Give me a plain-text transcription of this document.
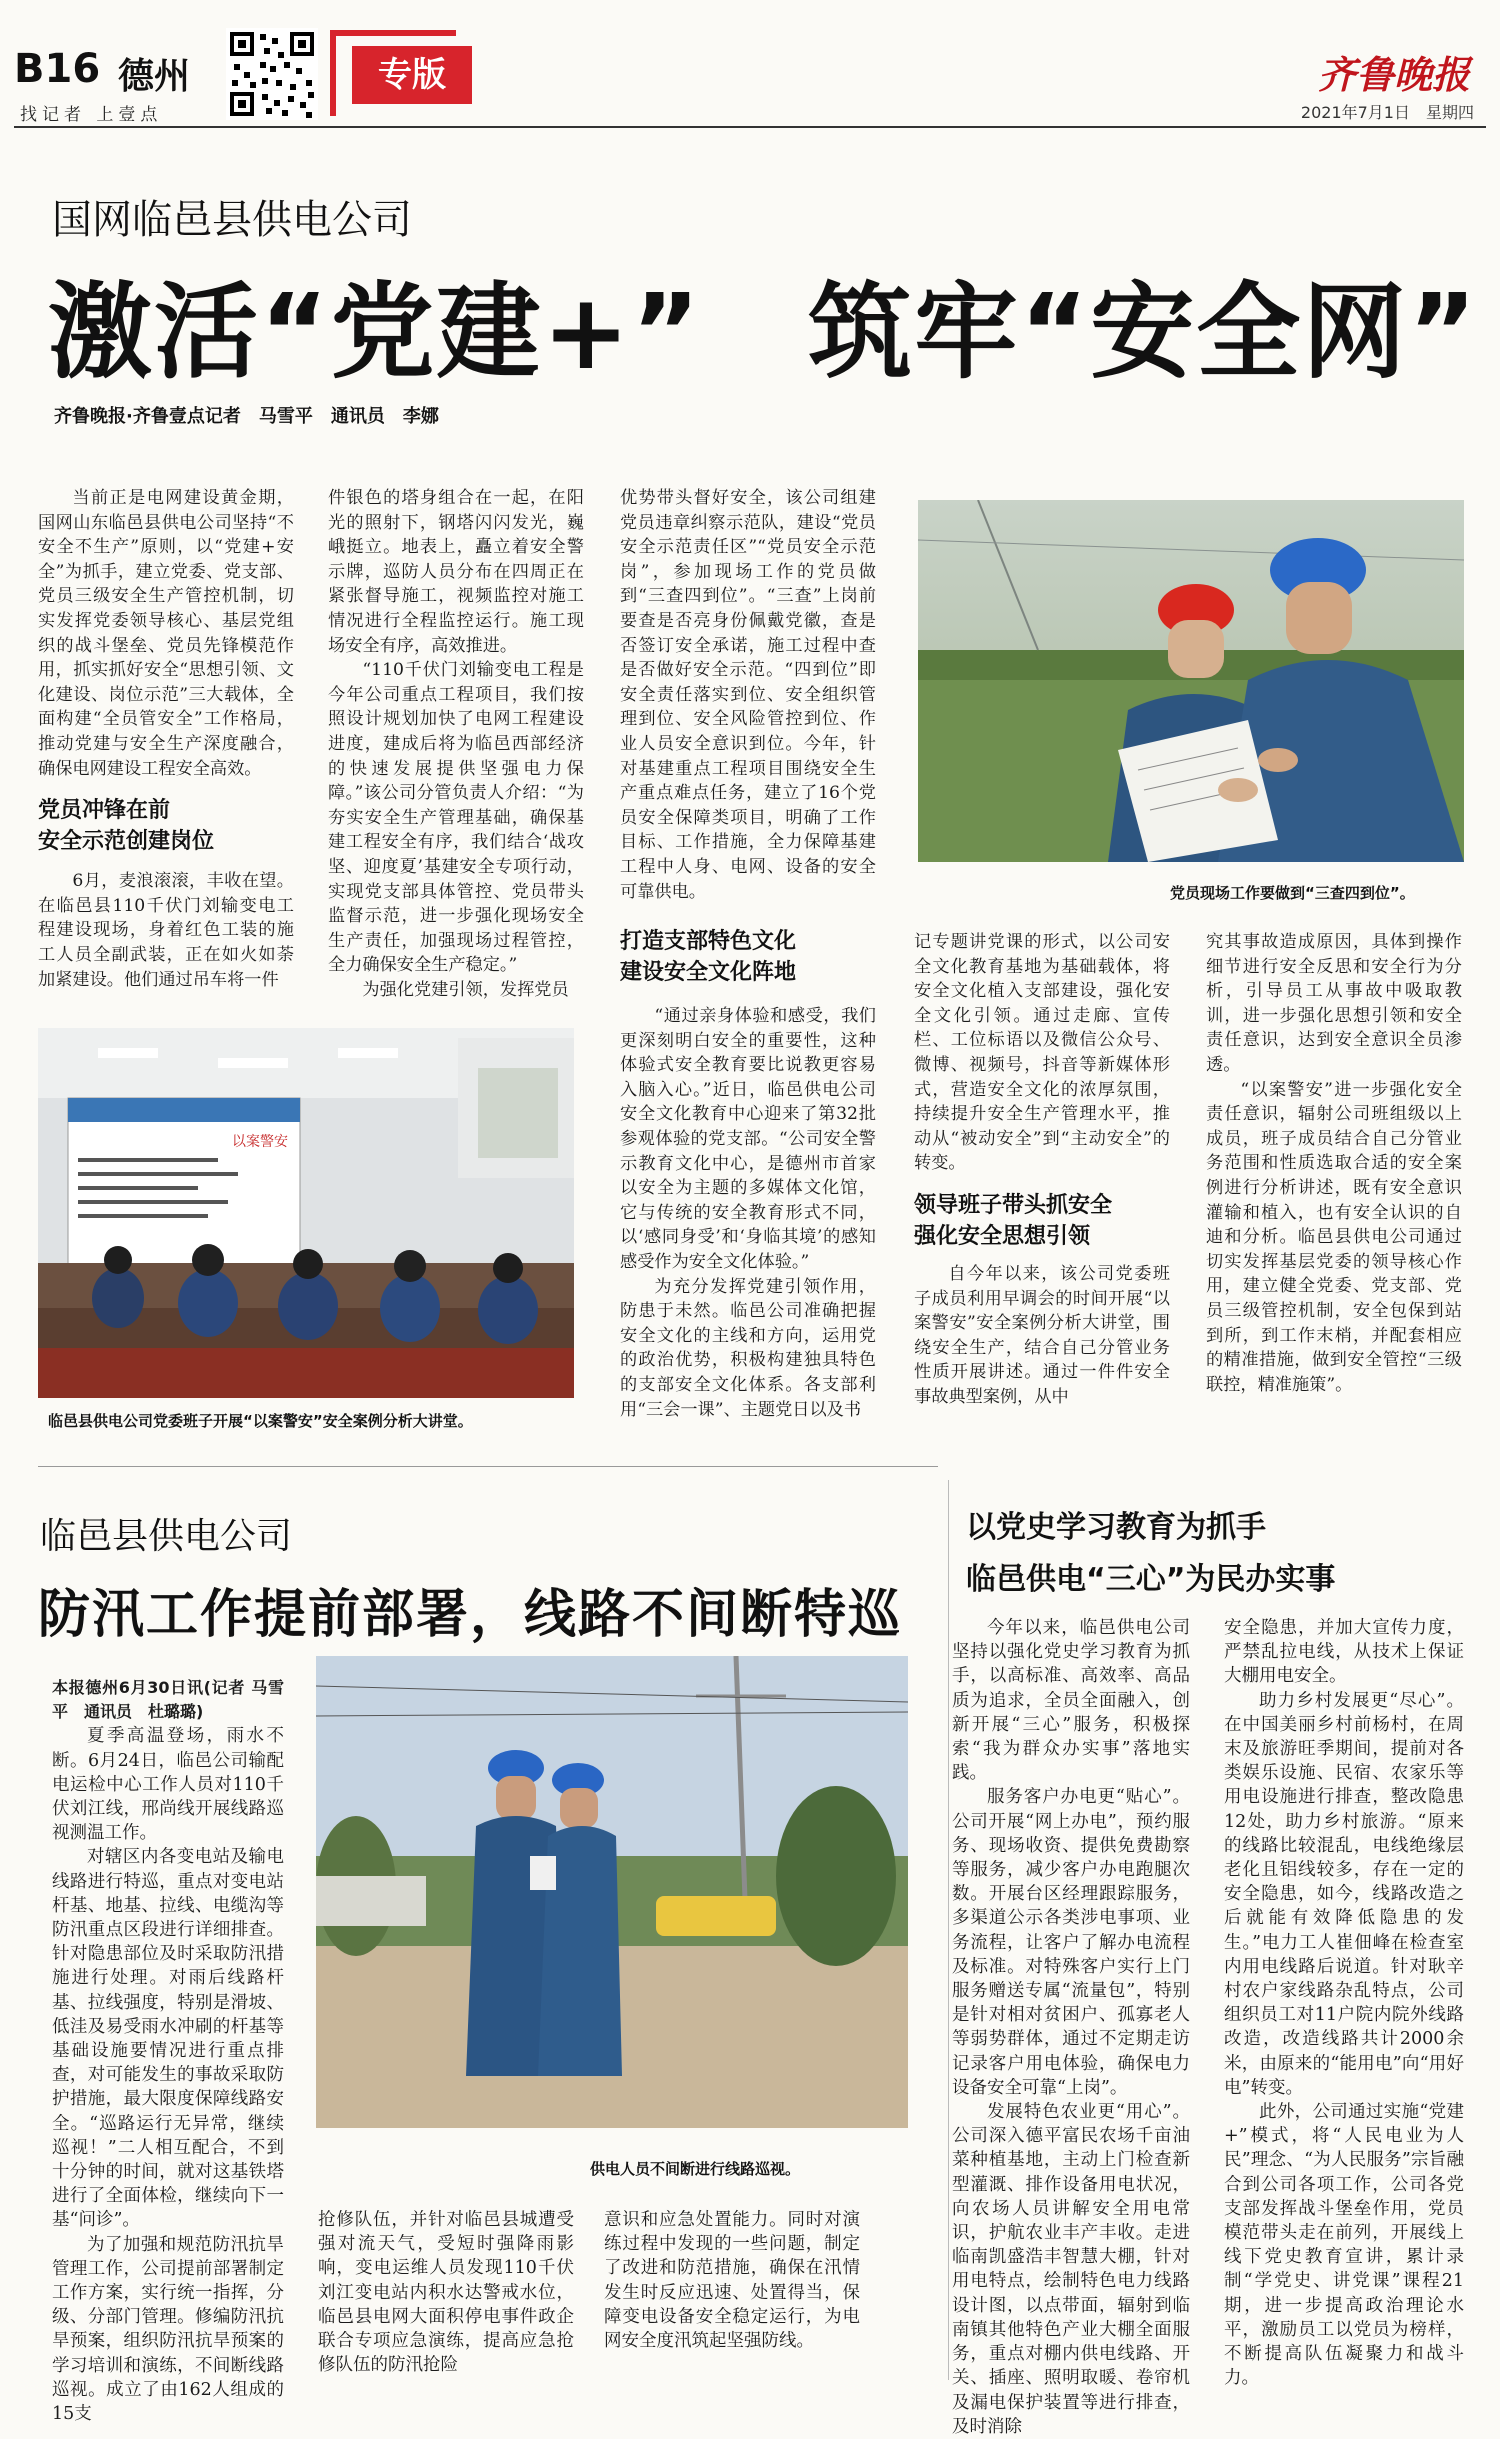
B16 德州
找记者 上壹点
专版	齐鲁晚报
2021年7月1日　星期四
国网临邑县供电公司
激活“党建+”　筑牢“安全网”
齐鲁晚报·齐鲁壹点记者　马雪平　通讯员　李娜

当前正是电网建设黄金期，国网山东临邑县供电公司坚持“不安全不生产”原则，以“党建+安全”为抓手，建立党委、党支部、党员三级安全生产管控机制，切实发挥党委领导核心、基层党组织的战斗堡垒、党员先锋模范作用，抓实抓好安全“思想引领、文化建设、岗位示范”三大载体，全面构建“全员管安全”工作格局，推动党建与安全生产深度融合，确保电网建设工程安全高效。

党员冲锋在前
安全示范创建岗位

6月，麦浪滚滚，丰收在望。在临邑县110千伏门刘输变电工程建设现场，身着红色工装的施工人员全副武装，正在如火如荼加紧建设。他们通过吊车将一件

件银色的塔身组合在一起，在阳光的照射下，钢塔闪闪发光，巍峨挺立。地表上，矗立着安全警示牌，巡防人员分布在四周正在紧张督导施工，视频监控对施工情况进行全程监控运行。施工现场安全有序，高效推进。

“110千伏门刘输变电工程是今年公司重点工程项目，我们按照设计规划加快了电网工程建设进度，建成后将为临邑西部经济的快速发展提供坚强电力保障。”该公司分管负责人介绍：“为夯实安全生产管理基础，确保基建工程安全有序，我们结合‘战攻坚、迎度夏’基建安全专项行动，实现党支部具体管控、党员带头监督示范，进一步强化现场安全生产责任，加强现场过程管控，全力确保安全生产稳定。”

为强化党建引领，发挥党员

优势带头督好安全，该公司组建党员违章纠察示范队，建设“党员安全示范责任区”“党员安全示范岗”，参加现场工作的党员做到“三查四到位”。“三查”上岗前要查是否亮身份佩戴党徽，查是否签订安全承诺，施工过程中查是否做好安全示范。“四到位”即安全责任落实到位、安全组织管理到位、安全风险管控到位、作业人员安全意识到位。今年，针对基建重点工程项目围绕安全生产重点难点任务，建立了16个党员安全保障类项目，明确了工作目标、工作措施，全力保障基建工程中人身、电网、设备的安全可靠供电。

打造支部特色文化
建设安全文化阵地

“通过亲身体验和感受，我们更深刻明白安全的重要性，这种体验式安全教育要比说教更容易入脑入心。”近日，临邑供电公司安全文化教育中心迎来了第32批参观体验的党支部。“公司安全警示教育文化中心，是德州市首家以安全为主题的多媒体文化馆，它与传统的安全教育形式不同，以‘感同身受’和‘身临其境’的感知感受作为安全文化体验。”

为充分发挥党建引领作用，防患于未然。临邑公司准确把握安全文化的主线和方向，运用党的政治优势，积极构建独具特色的支部安全文化体系。各支部利用“三会一课”、主题党日以及书

记专题讲党课的形式，以公司安全文化教育基地为基础载体，将安全文化植入支部建设，强化安全文化引领。通过走廊、宣传栏、工位标语以及微信公众号、微博、视频号，抖音等新媒体形式，营造安全文化的浓厚氛围，持续提升安全生产管理水平，推动从“被动安全”到“主动安全”的转变。

领导班子带头抓安全
强化安全思想引领

自今年以来，该公司党委班子成员利用早调会的时间开展“以案警安”安全案例分析大讲堂，围绕安全生产，结合自己分管业务性质开展讲述。通过一件件安全事故典型案例，从中

究其事故造成原因，具体到操作细节进行安全反思和安全行为分析，引导员工从事故中吸取教训，进一步强化思想引领和安全责任意识，达到安全意识全员渗透。

“以案警安”进一步强化安全责任意识，辐射公司班组级以上成员，班子成员结合自己分管业务范围和性质选取合适的安全案例进行分析讲述，既有安全意识灌输和植入，也有安全认识的自迪和分析。临邑县供电公司通过切实发挥基层党委的领导核心作用，建立健全党委、党支部、党员三级管控机制，安全包保到站到所，到工作末梢，并配套相应的精准措施，做到安全管控“三级联控，精准施策”。

党员现场工作要做到“三查四到位”。
以案警安
临邑县供电公司党委班子开展“以案警安”安全案例分析大讲堂。
临邑县供电公司
防汛工作提前部署，线路不间断特巡

本报德州6月30日讯(记者 马雪平　通讯员　杜璐璐)

夏季高温登场，雨水不断。6月24日，临邑公司输配电运检中心工作人员对110千伏刘江线，邢尚线开展线路巡视测温工作。

对辖区内各变电站及输电线路进行特巡，重点对变电站杆基、地基、拉线、电缆沟等防汛重点区段进行详细排查。针对隐患部位及时采取防汛措施进行处理。对雨后线路杆基、拉线强度，特别是滑坡、低洼及易受雨水冲刷的杆基等基础设施要情况进行重点排查，对可能发生的事故采取防护措施，最大限度保障线路安全。“巡路运行无异常，继续巡视！”二人相互配合，不到十分钟的时间，就对这基铁塔进行了全面体检，继续向下一基“问诊”。

为了加强和规范防汛抗旱管理工作，公司提前部署制定工作方案，实行统一指挥，分级、分部门管理。修编防汛抗旱预案，组织防汛抗旱预案的学习培训和演练，不间断线路巡视。成立了由162人组成的15支

抢修队伍，并针对临邑县城遭受强对流天气，受短时强降雨影响，变电运维人员发现110千伏刘江变电站内积水达警戒水位，临邑县电网大面积停电事件政企联合专项应急演练，提高应急抢修队伍的防汛抢险

意识和应急处置能力。同时对演练过程中发现的一些问题，制定了改进和防范措施，确保在汛情发生时反应迅速、处置得当，保障变电设备安全稳定运行，为电网安全度汛筑起坚强防线。

供电人员不间断进行线路巡视。
以党史学习教育为抓手
临邑供电“三心”为民办实事

今年以来，临邑供电公司坚持以强化党史学习教育为抓手，以高标准、高效率、高品质为追求，全员全面融入，创新开展“三心”服务，积极探索“我为群众办实事”落地实践。

服务客户办电更“贴心”。公司开展“网上办电”，预约服务、现场收资、提供免费勘察等服务，减少客户办电跑腿次数。开展台区经理跟踪服务，多渠道公示各类涉电事项、业务流程，让客户了解办电流程及标准。对特殊客户实行上门服务赠送专属“流量包”，特别是针对相对贫困户、孤寡老人等弱势群体，通过不定期走访记录客户用电体验，确保电力设备安全可靠“上岗”。

发展特色农业更“用心”。公司深入德平富民农场千亩油菜种植基地，主动上门检查新型灌溉、排作设备用电状况，向农场人员讲解安全用电常识，护航农业丰产丰收。走进临南凯盛浩丰智慧大棚，针对用电特点，绘制特色电力线路设计图，以点带面，辐射到临南镇其他特色产业大棚全面服务，重点对棚内供电线路、开关、插座、照明取暖、卷帘机及漏电保护装置等进行排查，及时消除

安全隐患，并加大宣传力度，严禁乱拉电线，从技术上保证大棚用电安全。

助力乡村发展更“尽心”。在中国美丽乡村前杨村，在周末及旅游旺季期间，提前对各类娱乐设施、民宿、农家乐等用电设施进行排查，整改隐患12处，助力乡村旅游。“原来的线路比较混乱，电线绝缘层老化且铝线较多，存在一定的安全隐患，如今，线路改造之后就能有效降低隐患的发生。”电力工人崔佃峰在检查室内用电线路后说道。针对耿辛村农户家线路杂乱特点，公司组织员工对11户院内院外线路改造，改造线路共计2000余米，由原来的“能用电”向“用好电”转变。

此外，公司通过实施“党建+”模式，将“人民电业为人民”理念、“为人民服务”宗旨融合到公司各项工作，公司各党支部发挥战斗堡垒作用，党员模范带头走在前列，开展线上线下党史教育宣讲，累计录制“学党史、讲党课”课程21期，进一步提高政治理论水平，激励员工以党员为榜样，不断提高队伍凝聚力和战斗力。
